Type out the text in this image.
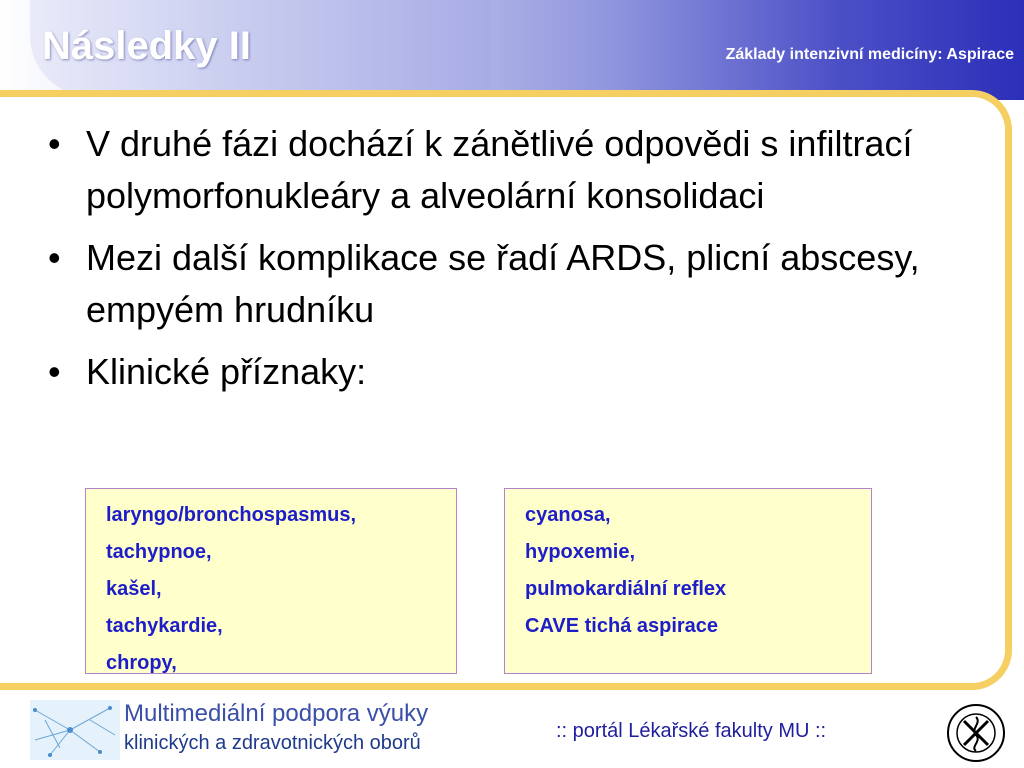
Následky II	Základy intenzivní medicíny: Aspirace
• V druhé fázi dochází k zánětlivé odpovědi s infiltrací polymorfonukleáry a alveolární konsolidaci
• Mezi další komplikace se řadí ARDS, plicní abscesy, empyém hrudníku
• Klinické příznaky:
laryngo/bronchospasmus,
tachypnoe,
kašel,
tachykardie,
chropy,
cyanosa,
hypoxemie,
pulmokardiální reflex
CAVE tichá aspirace
Multimediální podpora výuky
klinických a zdravotnických oborů
:: portál Lékařské fakulty MU ::
